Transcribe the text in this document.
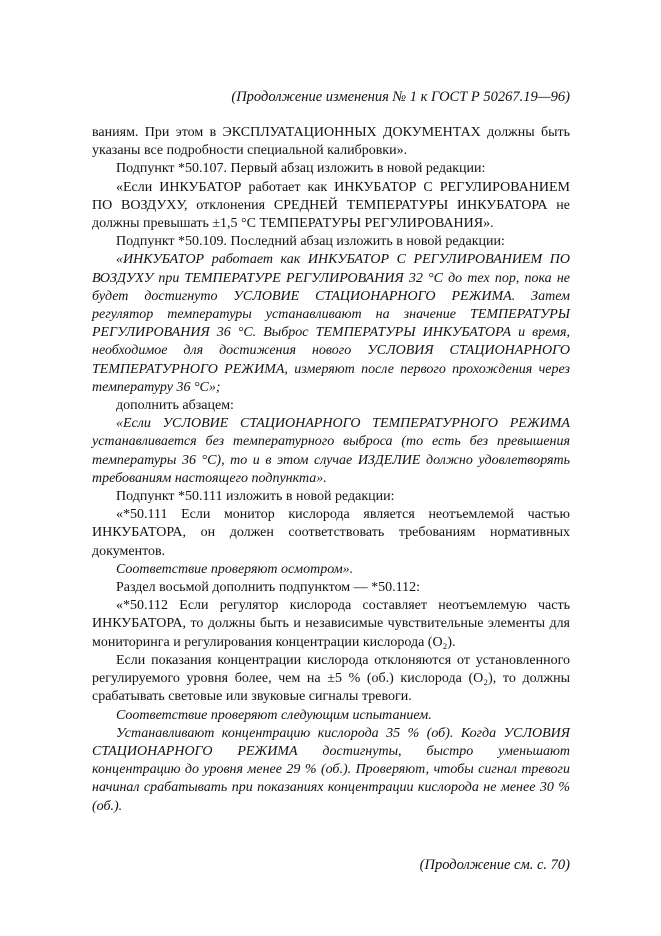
(Продолжение изменения № 1 к ГОСТ Р 50267.19—96)

ваниям. При этом в ЭКСПЛУАТАЦИОННЫХ ДОКУМЕНТАХ должны быть указаны все подробности специальной калибровки».

Подпункт *50.107. Первый абзац изложить в новой редакции:

«Если ИНКУБАТОР работает как ИНКУБАТОР С РЕГУЛИРОВАНИЕМ ПО ВОЗДУХУ, отклонения СРЕДНЕЙ ТЕМПЕРАТУРЫ ИНКУБАТОРА не должны превышать ±1,5 °С ТЕМПЕРАТУРЫ РЕГУЛИРОВАНИЯ».

Подпункт *50.109. Последний абзац изложить в новой редакции:

«ИНКУБАТОР работает как ИНКУБАТОР С РЕГУЛИРОВАНИЕМ ПО ВОЗДУХУ при ТЕМПЕРАТУРЕ РЕГУЛИРОВАНИЯ 32 °С до тех пор, пока не будет достигнуто УСЛОВИЕ СТАЦИОНАРНОГО РЕЖИМА. Затем регулятор температуры устанавливают на значение ТЕМПЕРАТУРЫ РЕГУЛИРОВАНИЯ 36 °С. Выброс ТЕМПЕРАТУРЫ ИНКУБАТОРА и время, необходимое для достижения нового УСЛОВИЯ СТАЦИОНАРНОГО ТЕМПЕРАТУРНОГО РЕЖИМА, измеряют после первого прохождения через температуру 36 °С»;

дополнить абзацем:

«Если УСЛОВИЕ СТАЦИОНАРНОГО ТЕМПЕРАТУРНОГО РЕЖИМА устанавливается без температурного выброса (то есть без превышения температуры 36 °С), то и в этом случае ИЗДЕЛИЕ должно удовлетворять требованиям настоящего подпункта».

Подпункт *50.111 изложить в новой редакции:

«*50.111 Если монитор кислорода является неотъемлемой частью ИНКУБАТОРА, он должен соответствовать требованиям нормативных документов.

Соответствие проверяют осмотром».

Раздел восьмой дополнить подпунктом — *50.112:

«*50.112 Если регулятор кислорода составляет неотъемлемую часть ИНКУБАТОРА, то должны быть и независимые чувствительные элементы для мониторинга и регулирования концентрации кислорода (O₂).

Если показания концентрации кислорода отклоняются от установленного регулируемого уровня более, чем на ±5 % (об.) кислорода (O₂), то должны срабатывать световые или звуковые сигналы тревоги.

Соответствие проверяют следующим испытанием.

Устанавливают концентрацию кислорода 35 % (об). Когда УСЛОВИЯ СТАЦИОНАРНОГО РЕЖИМА достигнуты, быстро уменьшают концентрацию до уровня менее 29 % (об.). Проверяют, чтобы сигнал тревоги начинал срабатывать при показаниях концентрации кислорода не менее 30 % (об.).

(Продолжение см. с. 70)
